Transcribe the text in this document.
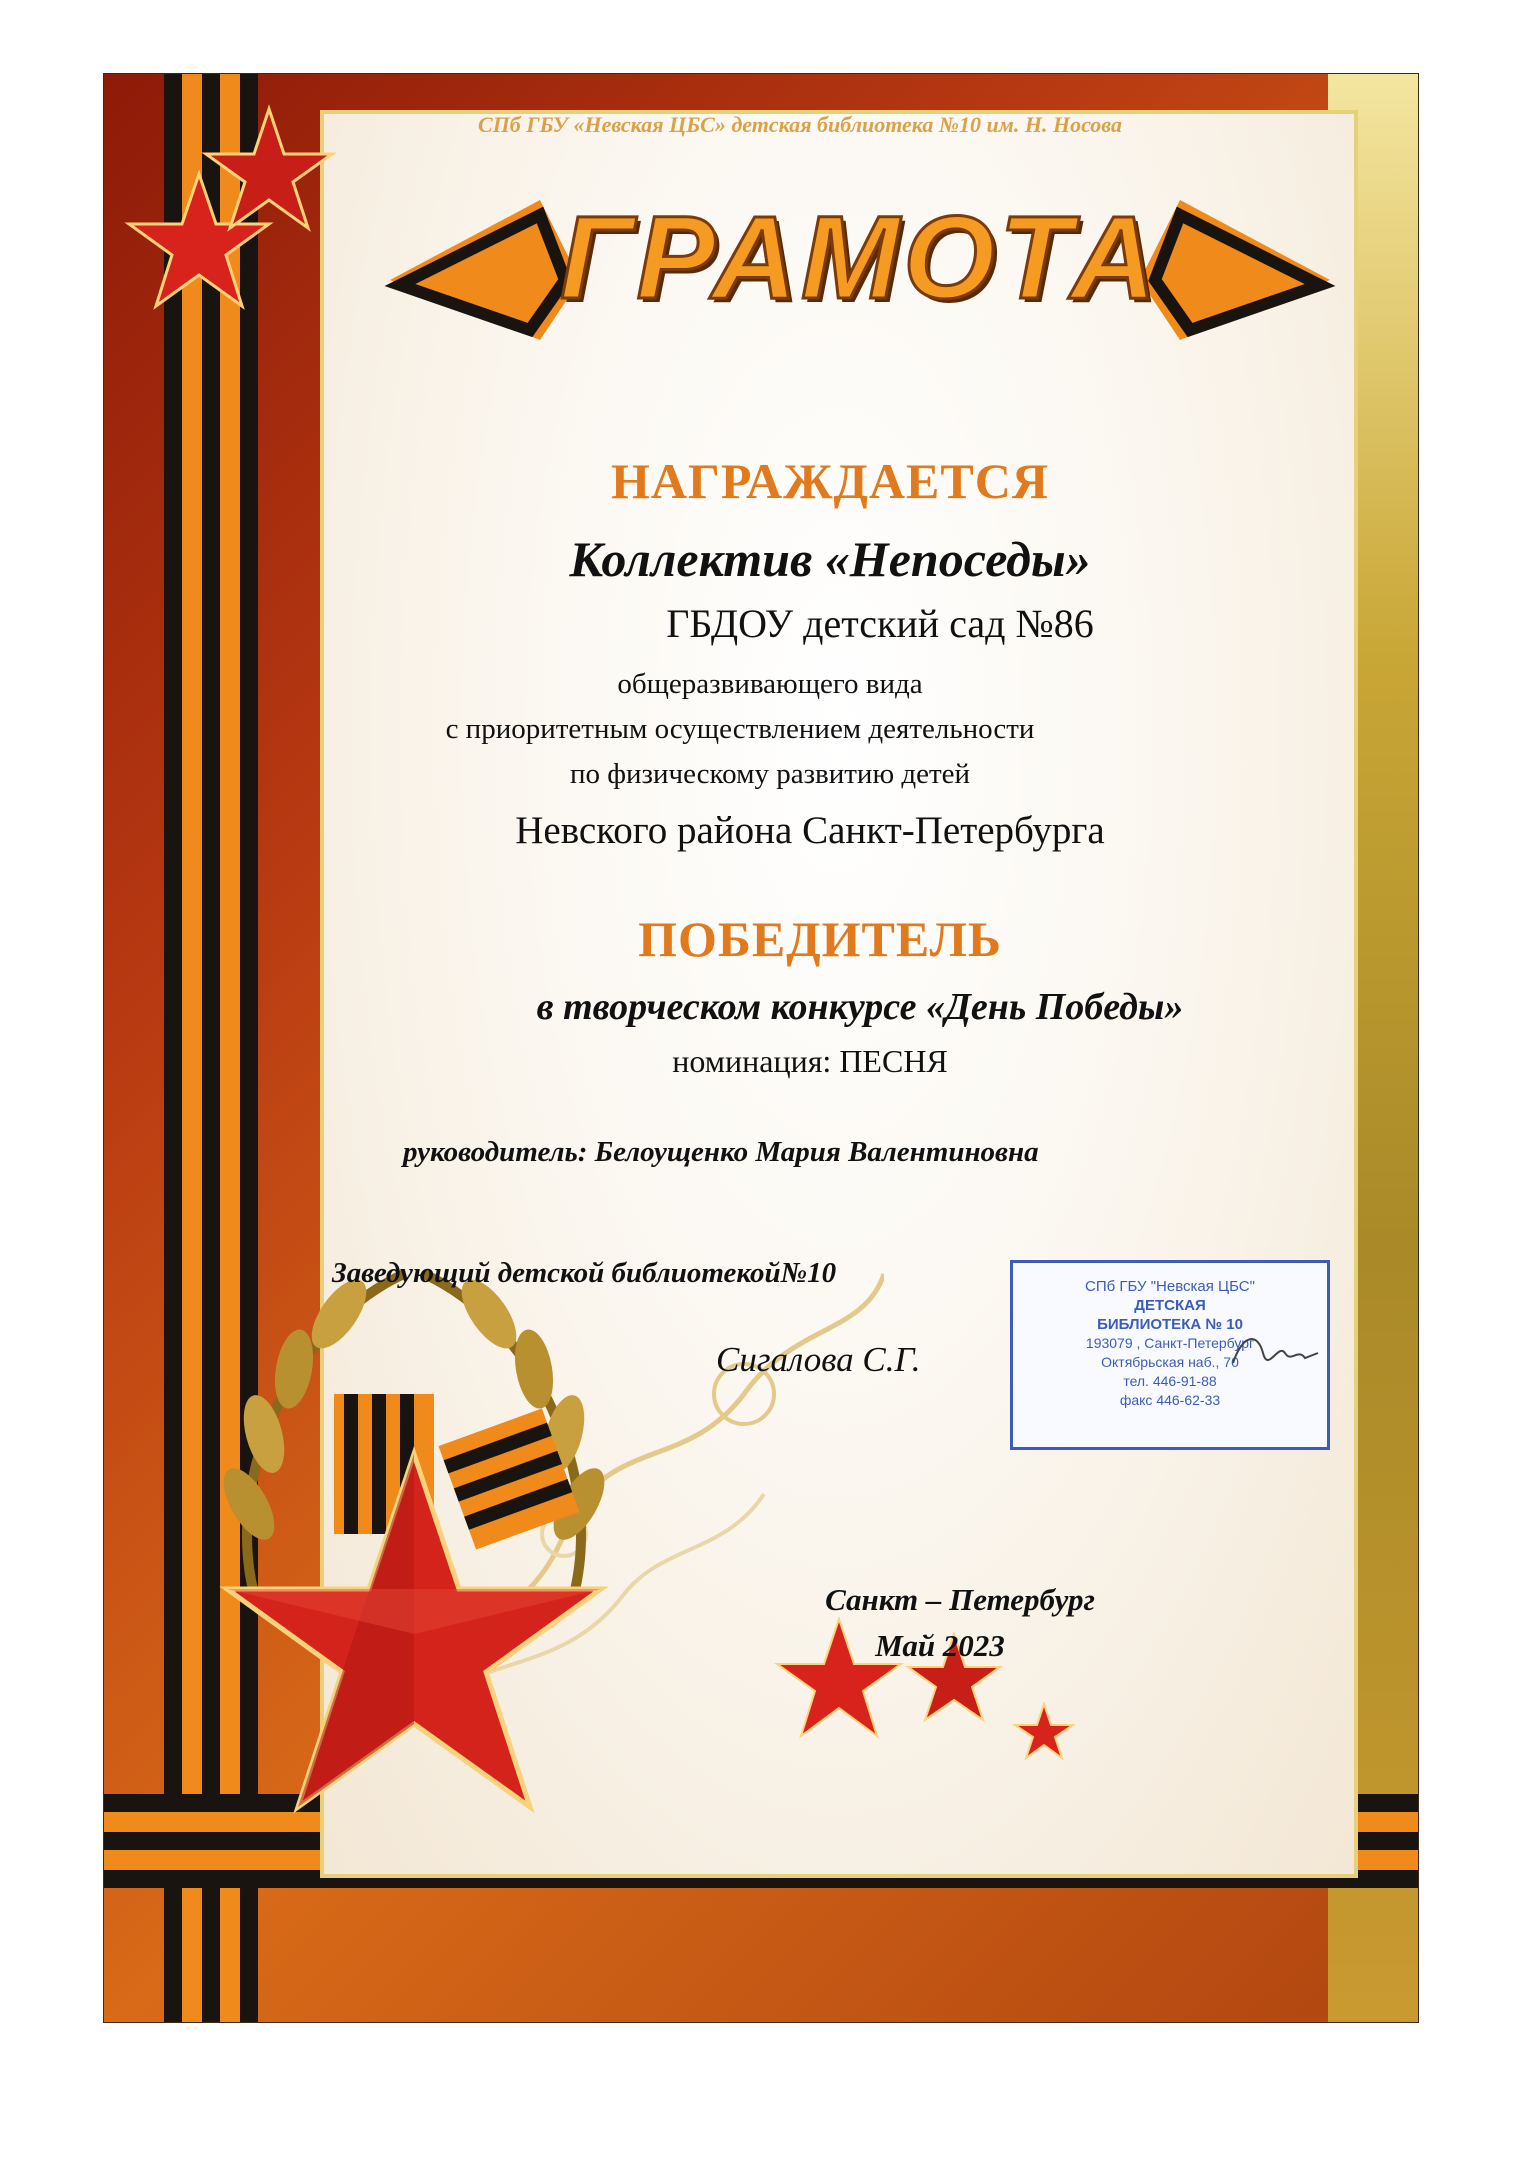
СПб ГБУ «Невская ЦБС» детская библиотека №10 им. Н. Носова
ГРАМОТА
НАГРАЖДАЕТСЯ
Коллектив «Непоседы»
ГБДОУ детский сад №86
общеразвивающего вида
с приоритетным осуществлением деятельности
по физическому развитию детей
Невского района Санкт-Петербурга
ПОБЕДИТЕЛЬ
в творческом конкурсе «День Победы»
номинация: ПЕСНЯ
руководитель: Белоущенко Мария Валентиновна
Заведующий детской библиотекой№10
Сигалова С.Г.
СПб ГБУ "Невская ЦБС"
ДЕТСКАЯ
БИБЛИОТЕКА № 10
193079 , Санкт-Петербург
Октябрьская наб., 70
тел. 446-91-88
факс 446-62-33
Санкт – Петербург
Май 2023
